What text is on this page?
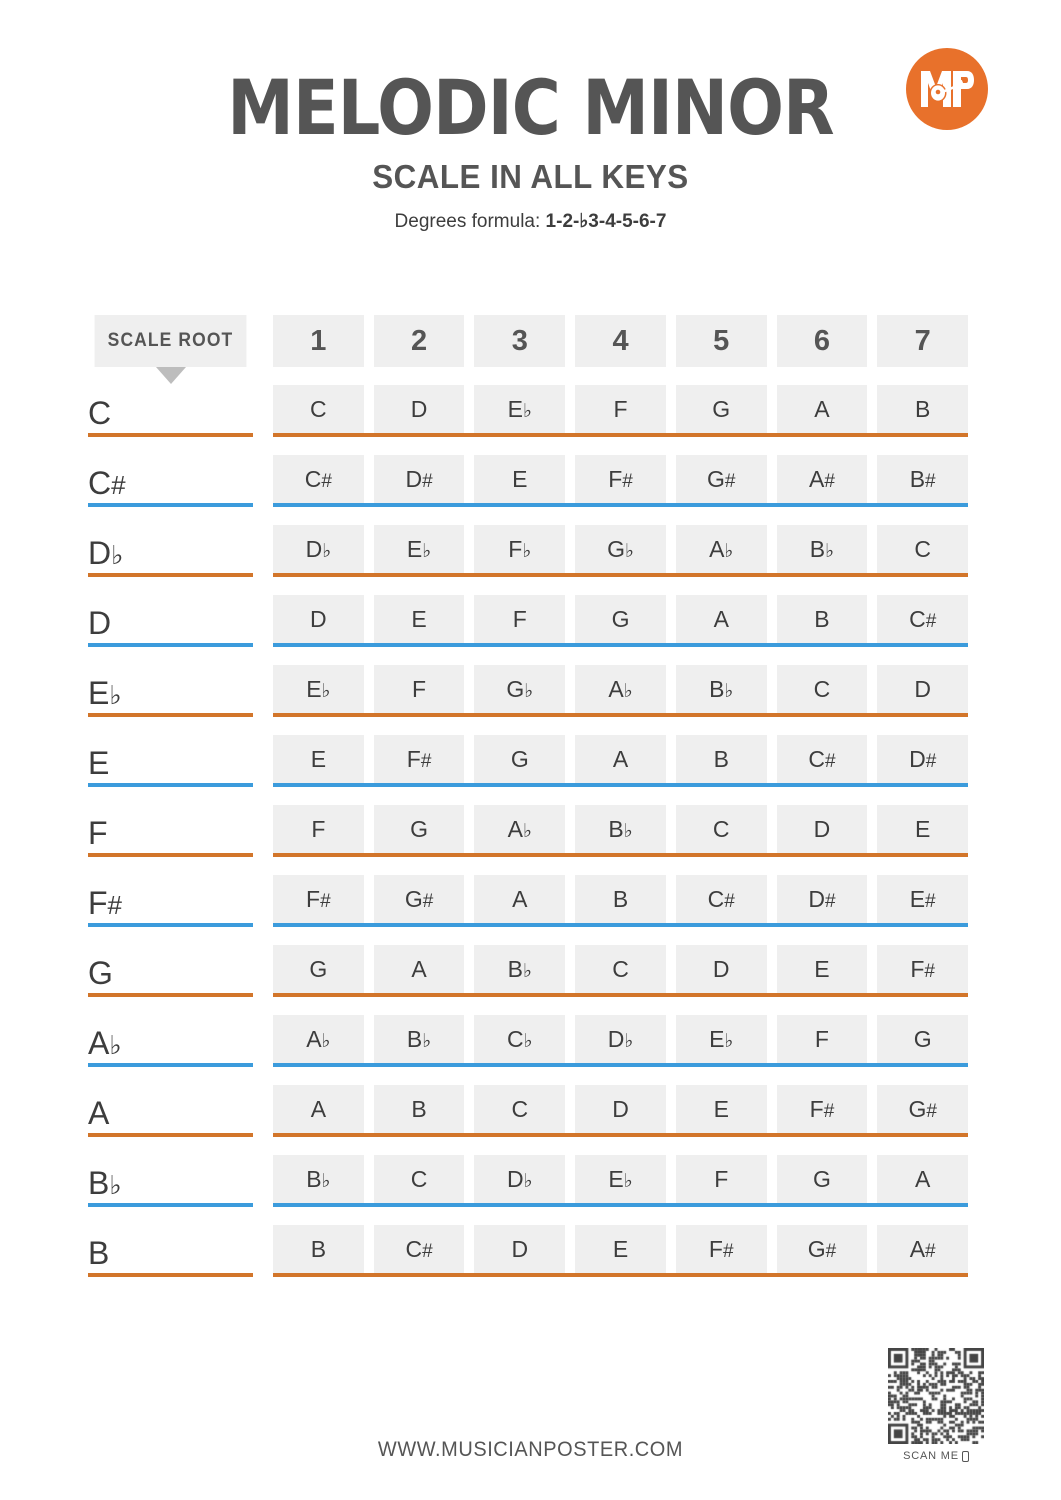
MELODIC MINOR
SCALE IN ALL KEYS
Degrees formula: 1-2-♭3-4-5-6-7
SCALE ROOT	1	2	3	4	5	6	7
C	C	D	E♭	F	G	A	B
C#	C#	D#	E	F#	G#	A#	B#
D♭	D♭	E♭	F♭	G♭	A♭	B♭	C
D	D	E	F	G	A	B	C#
E♭	E♭	F	G♭	A♭	B♭	C	D
E	E	F#	G	A	B	C#	D#
F	F	G	A♭	B♭	C	D	E
F#	F#	G#	A	B	C#	D#	E#
G	G	A	B♭	C	D	E	F#
A♭	A♭	B♭	C♭	D♭	E♭	F	G
A	A	B	C	D	E	F#	G#
B♭	B♭	C	D♭	E♭	F	G	A
B	B	C#	D	E	F#	G#	A#
SCAN ME
WWW.MUSICIANPOSTER.COM
